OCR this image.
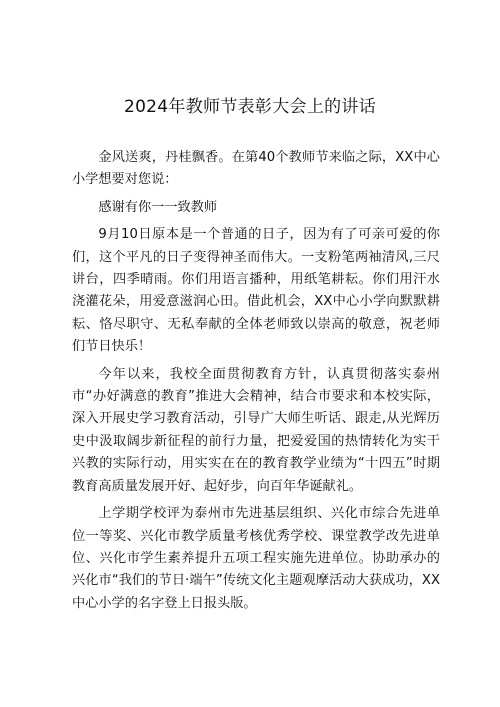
2024年教师节表彰大会上的讲话

金风送爽，丹桂飘香。在第40个教师节来临之际，XX中心小学想要对您说：

感谢有你一一致教师

9月10日原本是一个普通的日子，因为有了可亲可爱的你们，这个平凡的日子变得神圣而伟大。一支粉笔两袖清风,三尺讲台，四季晴雨。你们用语言播种，用纸笔耕耘。你们用汗水浇灌花朵，用爱意滋润心田。借此机会，XX中心小学向默默耕耘、恪尽职守、无私奉献的全体老师致以崇高的敬意，祝老师们节日快乐！

今年以来，我校全面贯彻教育方针，认真贯彻落实泰州市“办好满意的教育”推进大会精神，结合市要求和本校实际，深入开展史学习教育活动，引导广大师生听话、跟走,从光辉历史中汲取阔步新征程的前行力量，把爱爱国的热情转化为实干兴教的实际行动，用实实在在的教育教学业绩为“十四五”时期教育高质量发展开好、起好步，向百年华诞献礼。

上学期学校评为泰州市先进基层组织、兴化市综合先进单位一等奖、兴化市教学质量考核优秀学校、课堂教学改先进单位、兴化市学生素养提升五项工程实施先进单位。协助承办的兴化市“我们的节日·端午”传统文化主题观摩活动大获成功，XX中心小学的名字登上日报头版。
